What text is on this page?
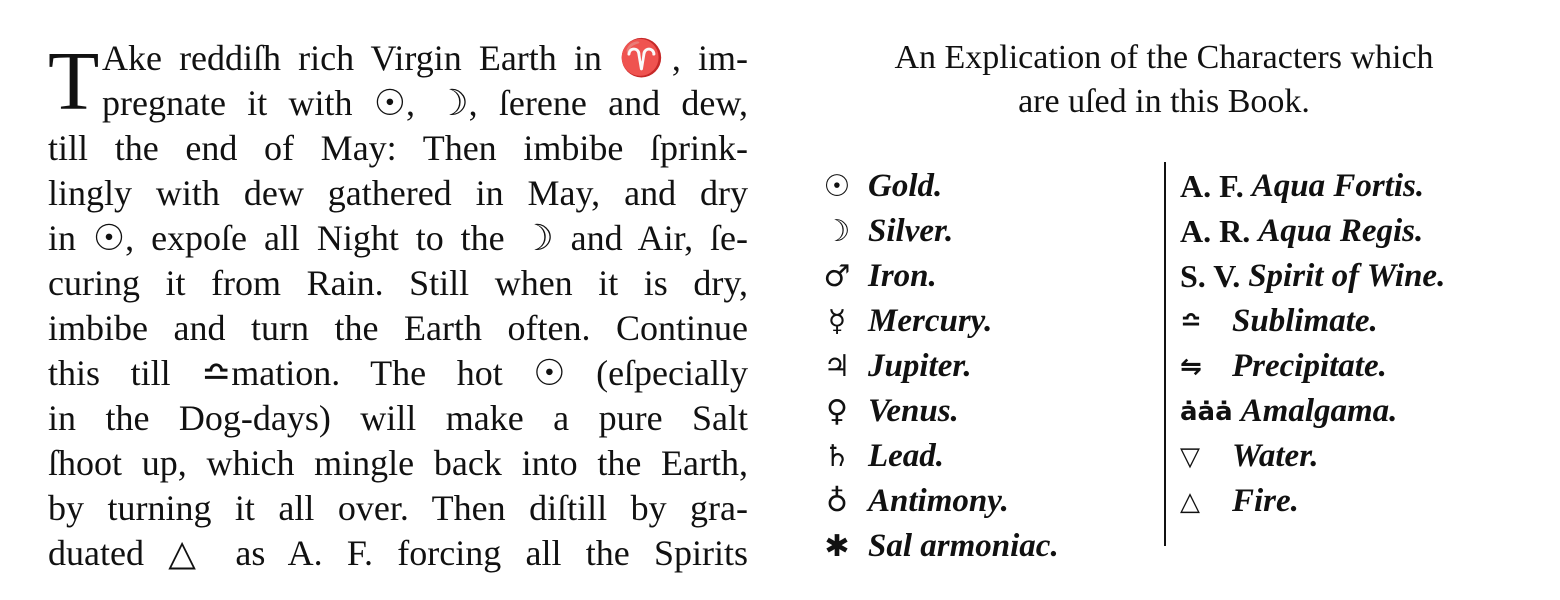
T Ake reddiſh rich Virgin Earth in ♈, im-
pregnate it with ☉, ☽, ſerene and dew,
till the end of May: Then imbibe ſprink-
lingly with dew gathered in May, and dry
in ☉, expoſe all Night to the ☽ and Air, ſe-
curing it from Rain. Still when it is dry,
imbibe and turn the Earth often. Continue
this till ≏mation. The hot ☉ (eſpecially
in the Dog-days) will make a pure Salt
ſhoot up, which mingle back into the Earth,
by turning it all over. Then diſtill by gra-
duated △ as A. F. forcing all the Spirits
An Explication of the Characters which
are uſed in this Book.
☉ Gold.
☽ Silver.
♂ Iron.
☿ Mercury.
♃ Jupiter.
♀ Venus.
♄ Lead.
♁ Antimony.
✱ Sal armoniac.
A. F. Aqua Fortis.
A. R. Aqua Regis.
S. V. Spirit of Wine.
≏ Sublimate.
⇋ Precipitate.
ȧȧȧ Amalgama.
▽ Water.
△ Fire.
